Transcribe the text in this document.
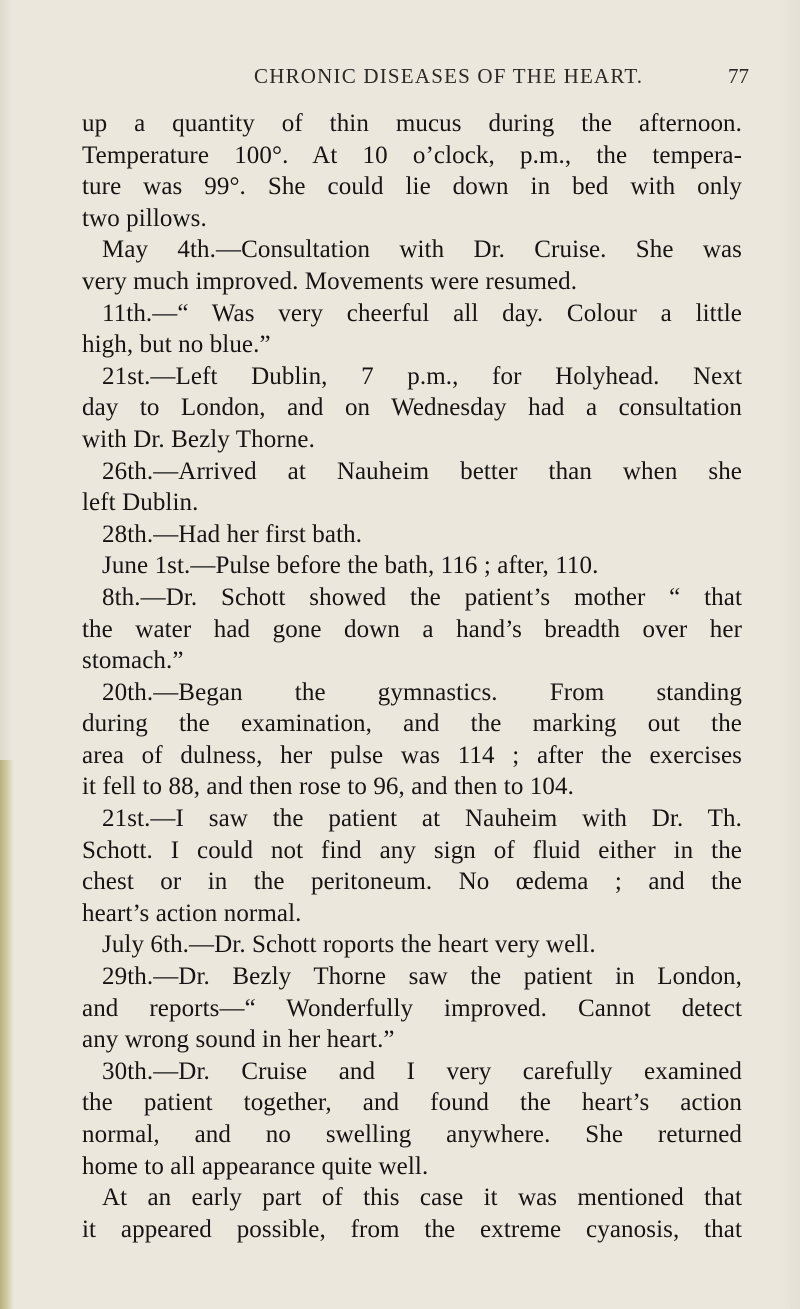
CHRONIC DISEASES OF THE HEART.	77
up a quantity of thin mucus during the afternoon.
Temperature 100°. At 10 o’clock, p.m., the tempera-
ture was 99°. She could lie down in bed with only
two pillows.
May 4th.—Consultation with Dr. Cruise. She was
very much improved. Movements were resumed.
11th.—“ Was very cheerful all day. Colour a little
high, but no blue.”
21st.—Left Dublin, 7 p.m., for Holyhead. Next
day to London, and on Wednesday had a consultation
with Dr. Bezly Thorne.
26th.—Arrived at Nauheim better than when she
left Dublin.
28th.—Had her first bath.
June 1st.—Pulse before the bath, 116 ; after, 110.
8th.—Dr. Schott showed the patient’s mother “ that
the water had gone down a hand’s breadth over her
stomach.”
20th.—Began the gymnastics. From standing
during the examination, and the marking out the
area of dulness, her pulse was 114 ; after the exercises
it fell to 88, and then rose to 96, and then to 104.
21st.—I saw the patient at Nauheim with Dr. Th.
Schott. I could not find any sign of fluid either in the
chest or in the peritoneum. No œdema ; and the
heart’s action normal.
July 6th.—Dr. Schott roports the heart very well.
29th.—Dr. Bezly Thorne saw the patient in London,
and reports—“ Wonderfully improved. Cannot detect
any wrong sound in her heart.”
30th.—Dr. Cruise and I very carefully examined
the patient together, and found the heart’s action
normal, and no swelling anywhere. She returned
home to all appearance quite well.
At an early part of this case it was mentioned that
it appeared possible, from the extreme cyanosis, that
